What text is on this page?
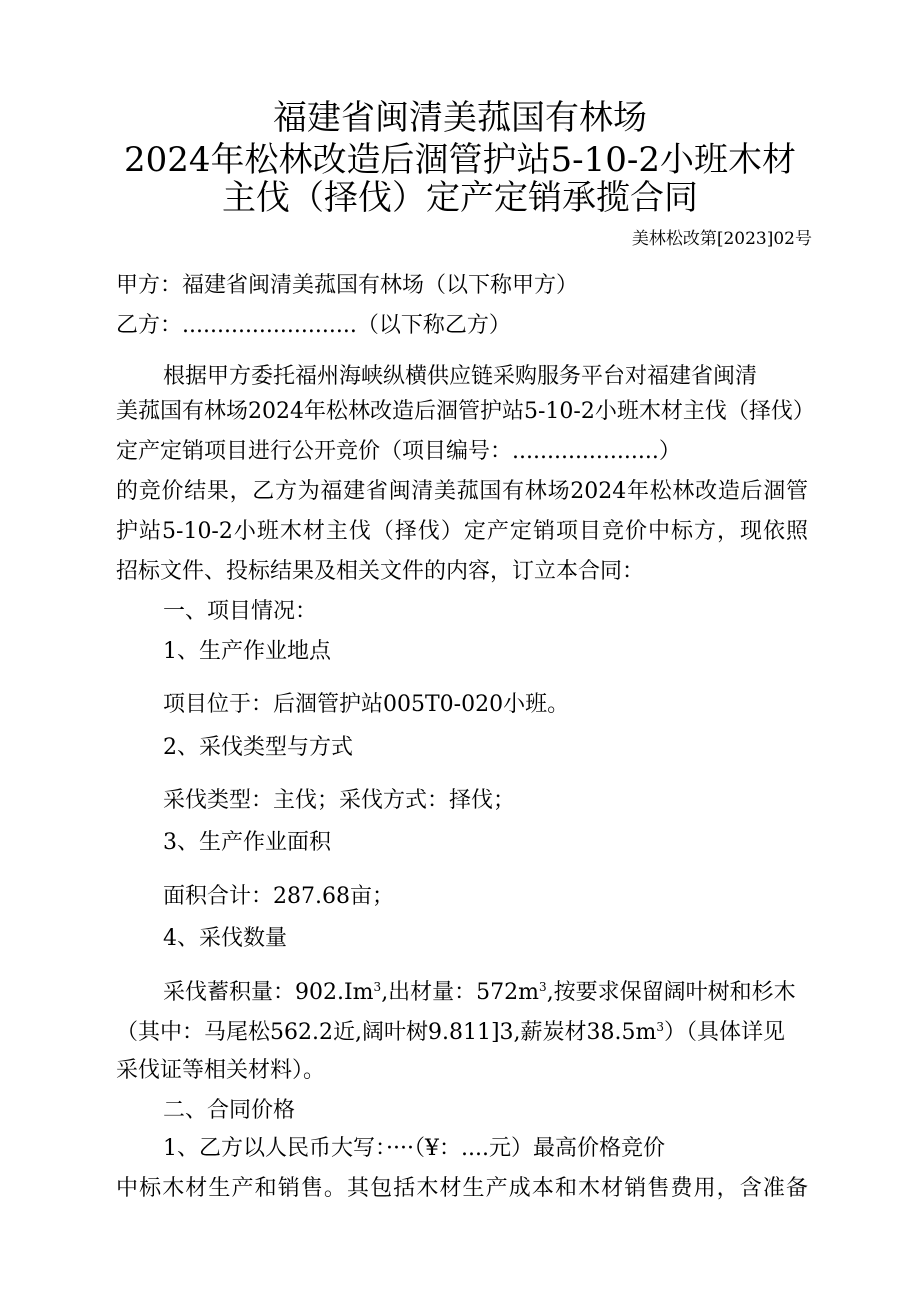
福建省闽清美菰国有林场
2024年松林改造后涸管护站5-10-2小班木材
主伐（择伐）定产定销承揽合同
美林松改第[2023]02号
甲方：福建省闽清美菰国有林场（以下称甲方）
乙方：.........................（以下称乙方）
根据甲方委托福州海峡纵横供应链采购服务平台对福建省闽清
美菰国有林场2024年松林改造后涸管护站5-10-2小班木材主伐（择伐）
定产定销项目进行公开竞价（项目编号：.....................）
的竞价结果，乙方为福建省闽清美菰国有林场2024年松林改造后涸管
护站5-10-2小班木材主伐（择伐）定产定销项目竞价中标方，现依照
招标文件、投标结果及相关文件的内容，订立本合同：
一、项目情况：
1、生产作业地点
项目位于：后涸管护站005T0-020小班。
2、采伐类型与方式
采伐类型：主伐；采伐方式：择伐；
3、生产作业面积
面积合计：287.68亩；
4、采伐数量
采伐蓄积量：902.Im$^3$,出材量：$572m^3$,按要求保留阔叶树和杉木
（其中：马尾松562.2近,阔叶树9.811]3,薪炭材$38.5m^3$）（具体详见
采伐证等相关材料）。
二、合同价格
1、乙方以人民币大写：····（¥：....元）最高价格竞价
中标木材生产和销售。其包括木材生产成本和木材销售费用，含准备
